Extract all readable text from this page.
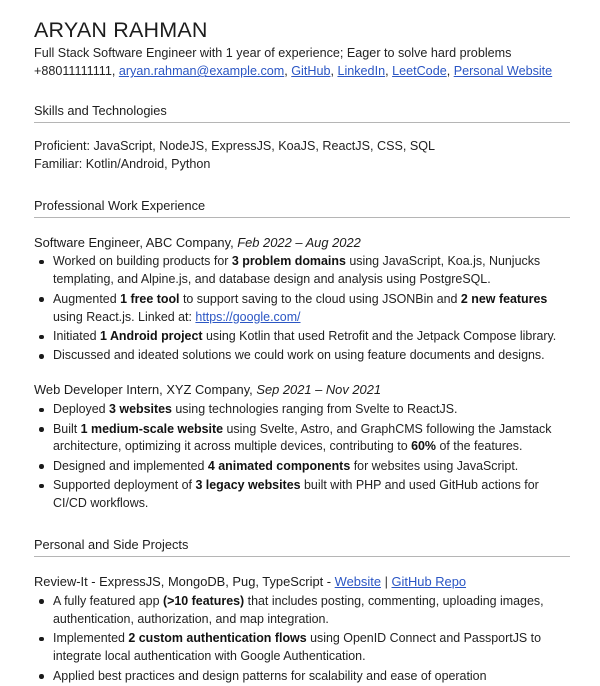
ARYAN RAHMAN

Full Stack Software Engineer with 1 year of experience; Eager to solve hard problems

+88011111111, aryan.rahman@example.com, GitHub, LinkedIn, LeetCode, Personal Website

Skills and Technologies

Proficient: JavaScript, NodeJS, ExpressJS, KoaJS, ReactJS, CSS, SQL

Familiar: Kotlin/Android, Python

Professional Work Experience

Software Engineer, ABC Company, Feb 2022 – Aug 2022

Worked on building products for 3 problem domains using JavaScript, Koa.js, Nunjucks templating, and Alpine.js, and database design and analysis using PostgreSQL.
Augmented 1 free tool to support saving to the cloud using JSONBin and 2 new features using React.js. Linked at: https://google.com/
Initiated 1 Android project using Kotlin that used Retrofit and the Jetpack Compose library.
Discussed and ideated solutions we could work on using feature documents and designs.

Web Developer Intern, XYZ Company, Sep 2021 – Nov 2021

Deployed 3 websites using technologies ranging from Svelte to ReactJS.
Built 1 medium-scale website using Svelte, Astro, and GraphCMS following the Jamstack architecture, optimizing it across multiple devices, contributing to 60% of the features.
Designed and implemented 4 animated components for websites using JavaScript.
Supported deployment of 3 legacy websites built with PHP and used GitHub actions for CI/CD workflows.
Personal and Side Projects

Review-It - ExpressJS, MongoDB, Pug, TypeScript - Website | GitHub Repo

A fully featured app (>10 features) that includes posting, commenting, uploading images, authentication, authorization, and map integration.
Implemented 2 custom authentication flows using OpenID Connect and PassportJS to integrate local authentication with Google Authentication.
Applied best practices and design patterns for scalability and ease of operation
